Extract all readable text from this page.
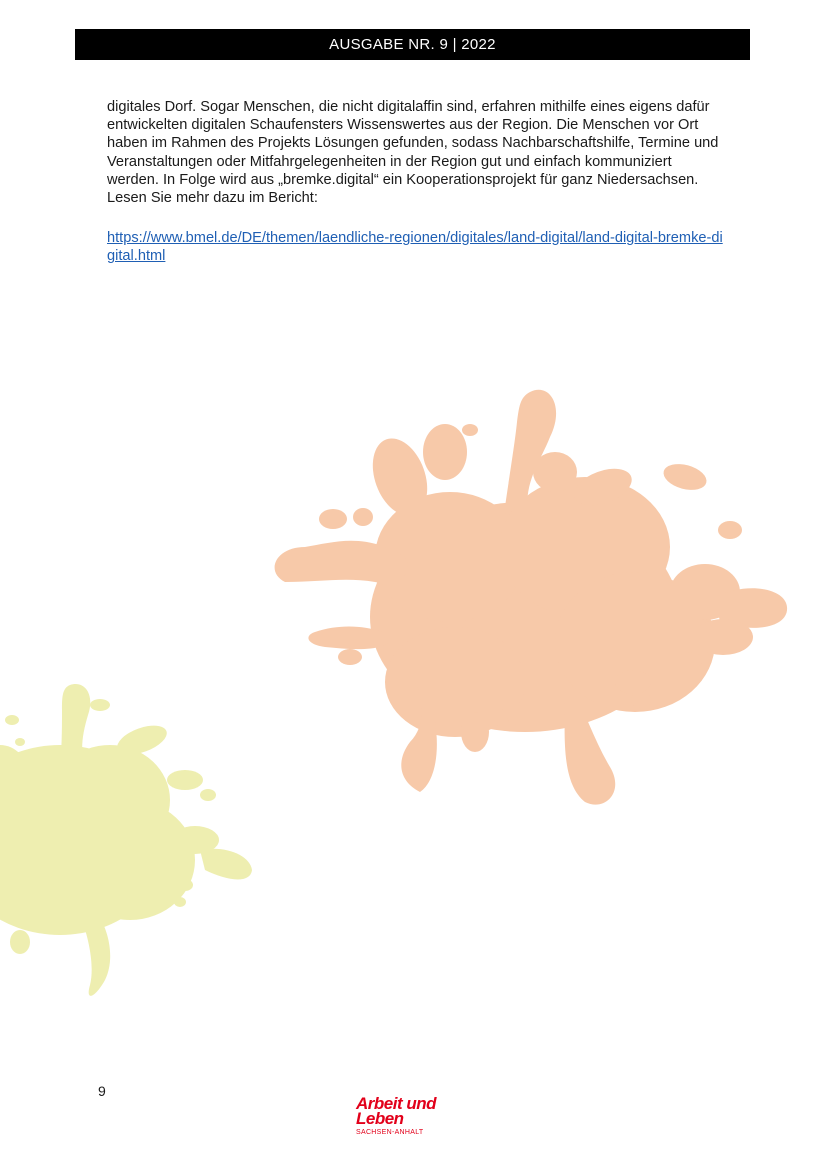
AUSGABE NR. 9 | 2022

digitales Dorf. Sogar Menschen, die nicht digitalaffin sind, erfahren mithilfe eines eigens dafür entwickelten digitalen Schaufensters Wissenswertes aus der Region. Die Menschen vor Ort haben im Rahmen des Projekts Lösungen gefunden, sodass Nachbarschaftshilfe, Termine und Veranstaltungen oder Mitfahrgelegenheiten in der Region gut und einfach kommuniziert werden. In Folge wird aus „bremke.digital“ ein Kooperationsprojekt für ganz Niedersachsen. Lesen Sie mehr dazu im Bericht:

https://www.bmel.de/DE/themen/laendliche-regionen/digitales/land-digital/land-digital-bremke-digital.html
9
Arbeit und
Leben
SACHSEN-ANHALT
